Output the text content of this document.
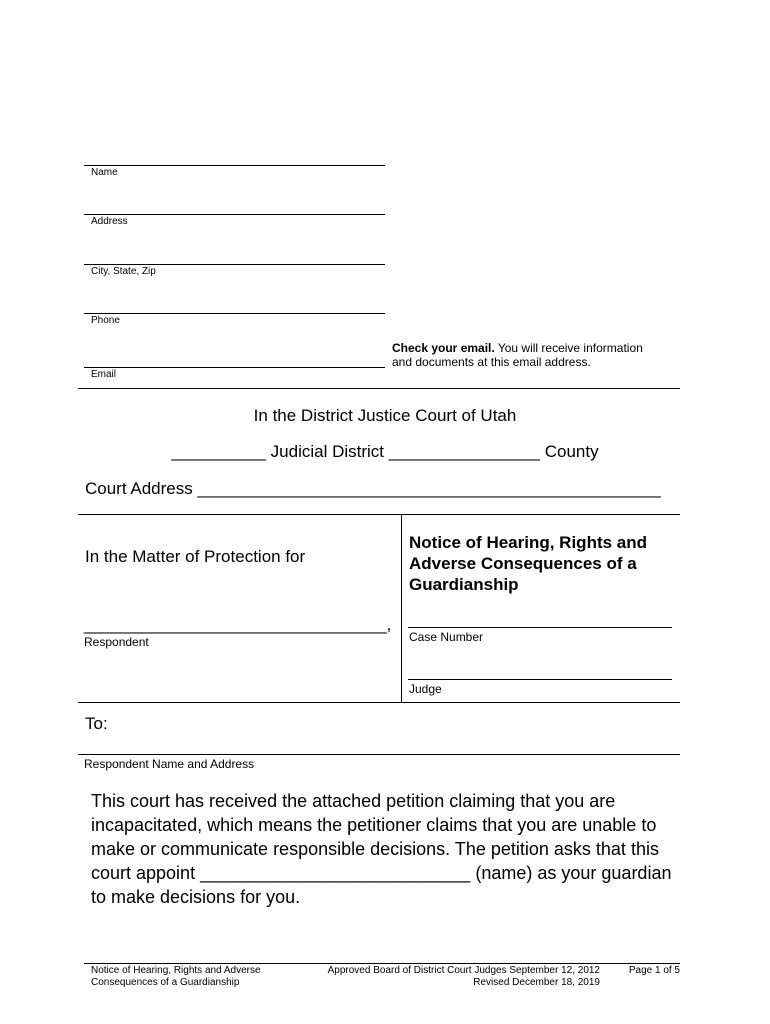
Name
Address
City, State, Zip
Phone
Email
Check your email. You will receive information and documents at this email address.
In the District Justice Court of Utah
__________ Judicial District ________________ County
Court Address _________________________________________________
In the Matter of Protection for
________________________________,
Respondent
Notice of Hearing, Rights and Adverse Consequences of a Guardianship
Case Number
Judge
To:
Respondent Name and Address
This court has received the attached petition claiming that you are incapacitated, which means the petitioner claims that you are unable to make or communicate responsible decisions. The petition asks that this court appoint ___________________________ (name) as your guardian to make decisions for you.
Notice of Hearing, Rights and Adverse Consequences of a Guardianship
Approved Board of District Court Judges September 12, 2012
Revised December 18, 2019
Page 1 of 5
